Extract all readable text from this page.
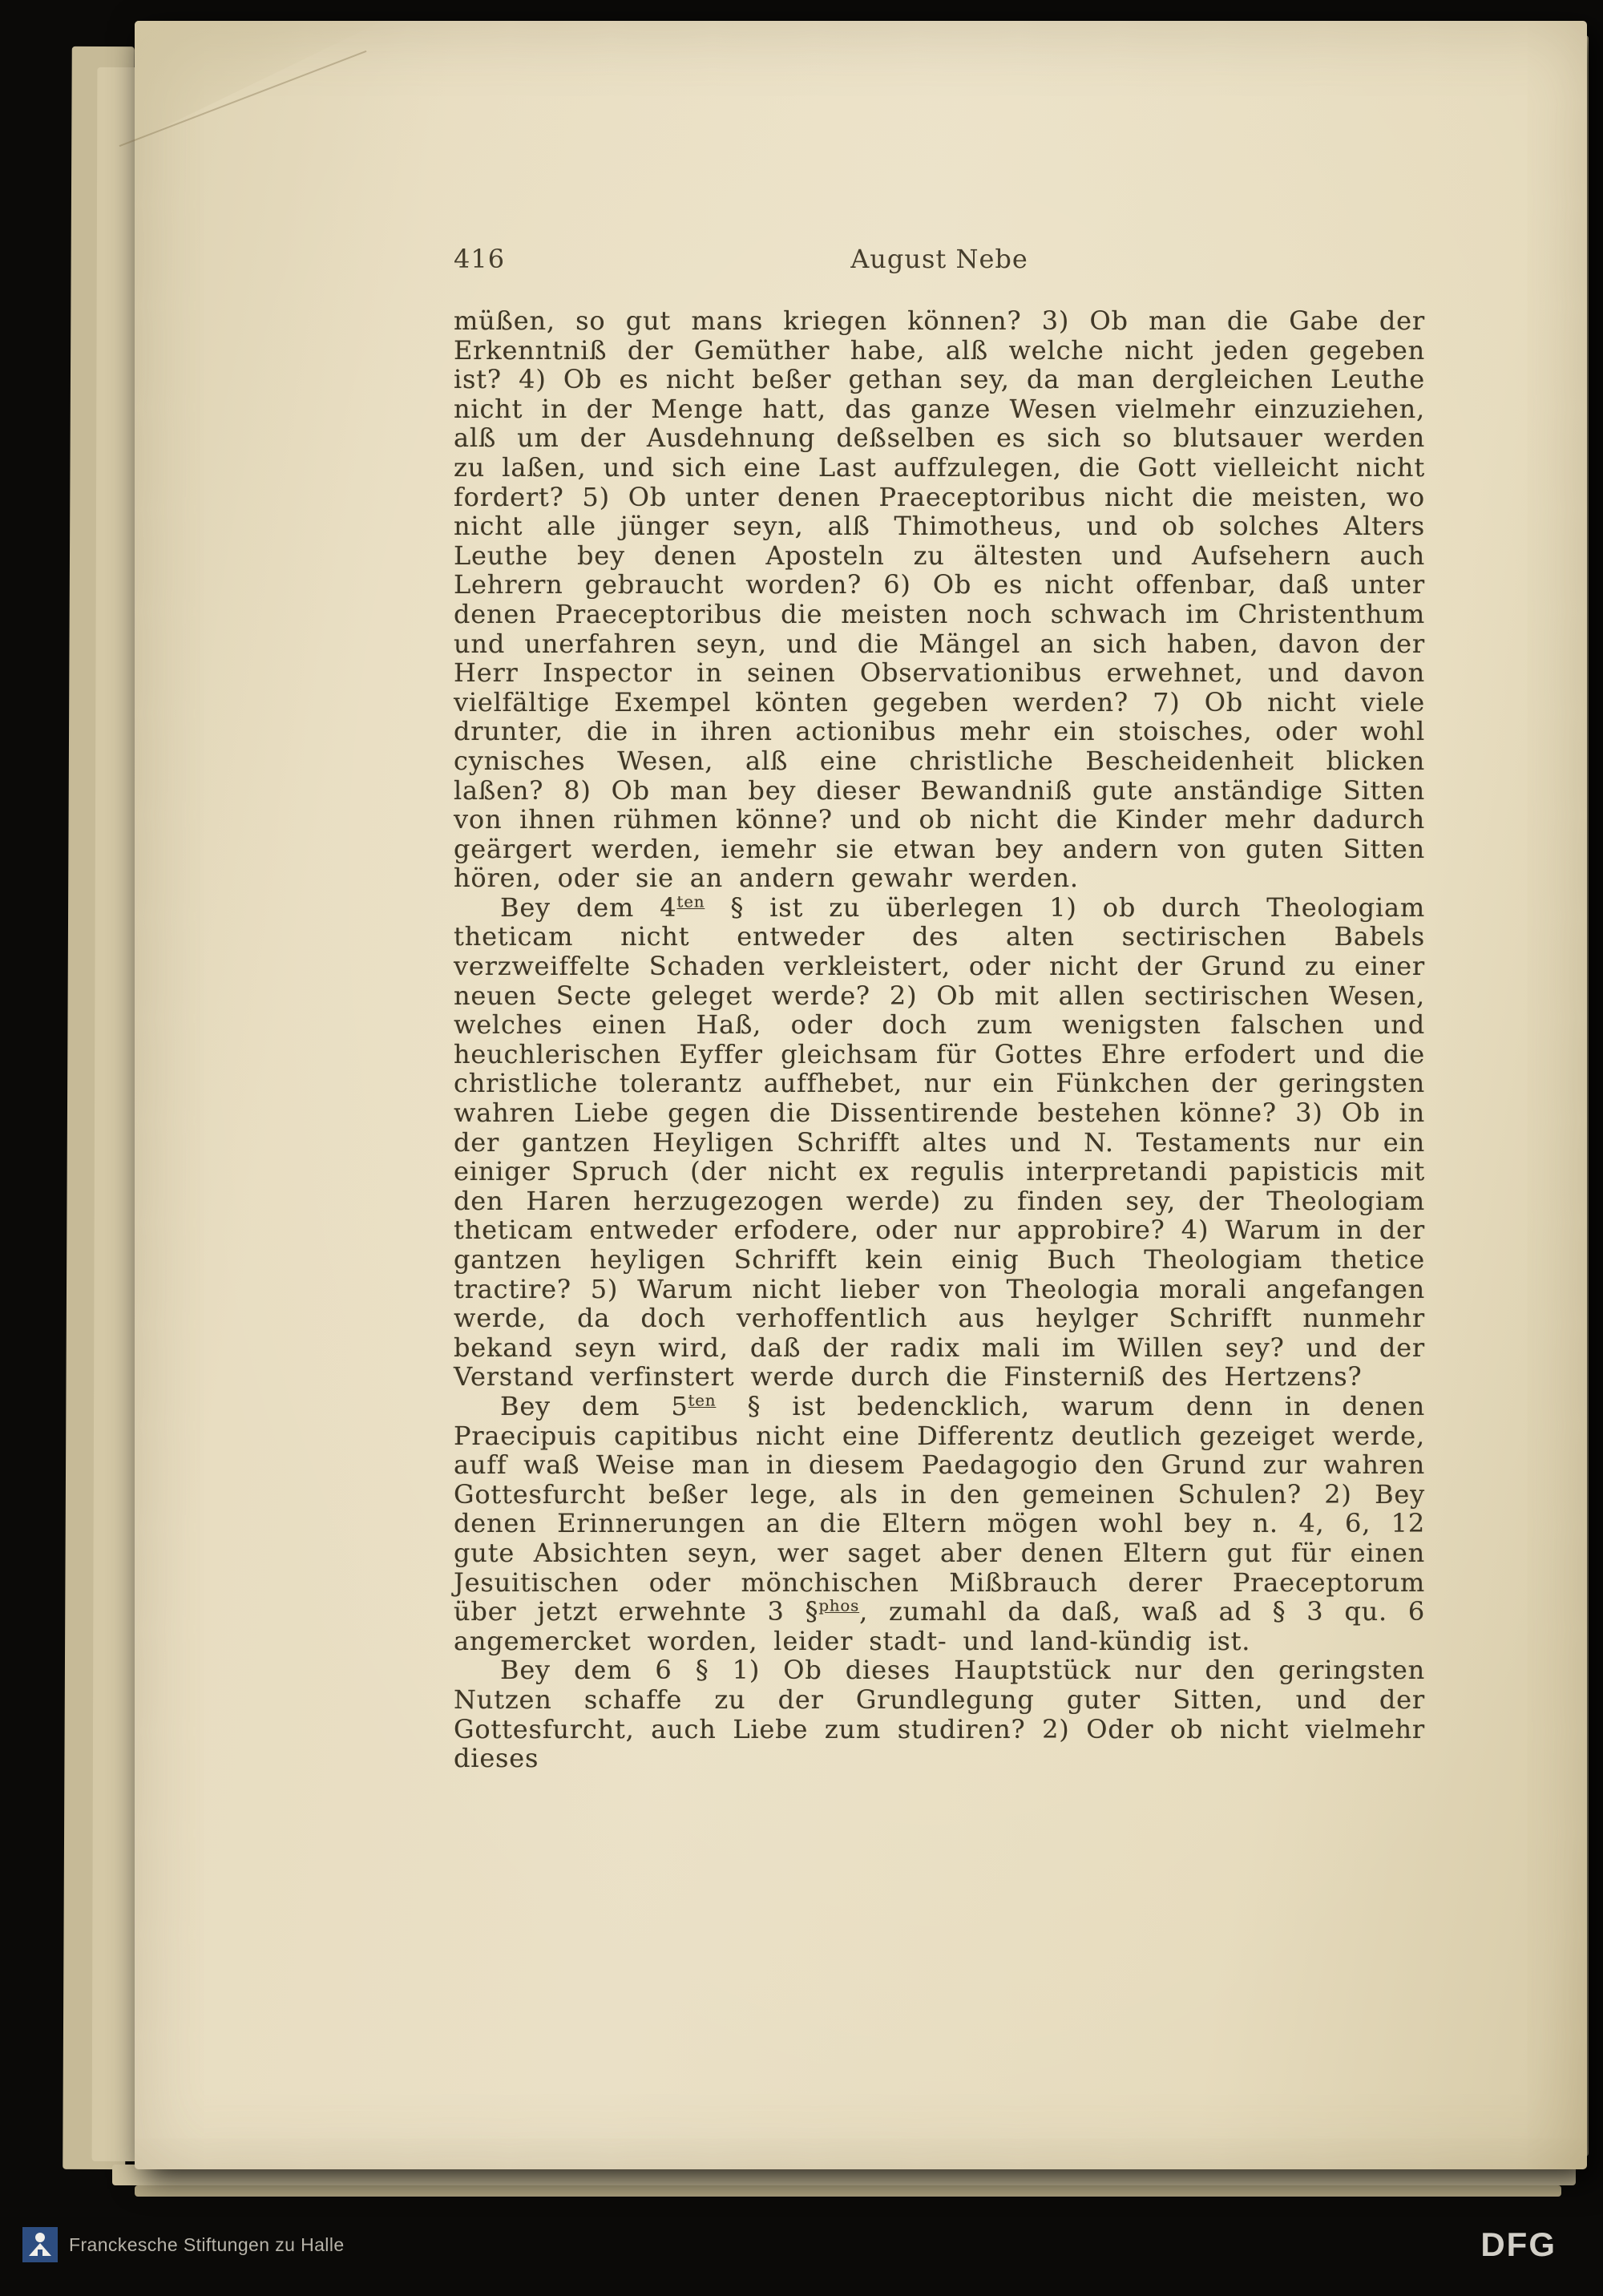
416	August Nebe

müßen, so gut mans kriegen können? 3) Ob man die Gabe der Erkenntniß der Gemüther habe, alß welche nicht jeden gegeben ist? 4) Ob es nicht beßer gethan sey, da man dergleichen Leuthe nicht in der Menge hatt, das ganze Wesen vielmehr einzuziehen, alß um der Ausdehnung deßselben es sich so blutsauer werden zu laßen, und sich eine Last auffzulegen, die Gott vielleicht nicht fordert? 5) Ob unter denen Praeceptoribus nicht die meisten, wo nicht alle jünger seyn, alß Thimotheus, und ob solches Alters Leuthe bey denen Aposteln zu ältesten und Aufsehern auch Lehrern gebraucht worden? 6) Ob es nicht offenbar, daß unter denen Praeceptoribus die meisten noch schwach im Christenthum und unerfahren seyn, und die Mängel an sich haben, davon der Herr Inspector in seinen Observationibus erwehnet, und davon vielfältige Exempel könten gegeben werden? 7) Ob nicht viele drunter, die in ihren actionibus mehr ein stoisches, oder wohl cynisches Wesen, alß eine christliche Bescheidenheit blicken laßen? 8) Ob man bey dieser Bewandniß gute anständige Sitten von ihnen rühmen könne? und ob nicht die Kinder mehr dadurch geärgert werden, iemehr sie etwan bey andern von guten Sitten hören, oder sie an andern gewahr werden.

Bey dem $4^{ten}$ § ist zu überlegen 1) ob durch Theologiam theticam nicht entweder des alten sectirischen Babels verzweiffelte Schaden verkleistert, oder nicht der Grund zu einer neuen Secte geleget werde? 2) Ob mit allen sectirischen Wesen, welches einen Haß, oder doch zum wenigsten falschen und heuchlerischen Eyffer gleichsam für Gottes Ehre erfodert und die christliche tolerantz auffhebet, nur ein Fünkchen der geringsten wahren Liebe gegen die Dissentirende bestehen könne? 3) Ob in der gantzen Heyligen Schrifft altes und N. Testaments nur ein einiger Spruch (der nicht ex regulis interpretandi papisticis mit den Haren herzugezogen werde) zu finden sey, der Theologiam theticam entweder erfodere, oder nur approbire? 4) Warum in der gantzen heyligen Schrifft kein einig Buch Theologiam thetice tractire? 5) Warum nicht lieber von Theologia morali angefangen werde, da doch verhoffentlich aus heylger Schrifft nunmehr bekand seyn wird, daß der radix mali im Willen sey? und der Verstand verfinstert werde durch die Finsterniß des Hertzens?

Bey dem $5^{ten}$ § ist bedencklich, warum denn in denen Praecipuis capitibus nicht eine Differentz deutlich gezeiget werde, auff waß Weise man in diesem Paedagogio den Grund zur wahren Gottesfurcht beßer lege, als in den gemeinen Schulen? 2) Bey denen Erinnerungen an die Eltern mögen wohl bey n. 4, 6, 12 gute Absichten seyn, wer saget aber denen Eltern gut für einen Jesuitischen oder mönchischen Mißbrauch derer Praeceptorum über jetzt erwehnte 3 §$^{phos}$, zumahl da daß, waß ad § 3 qu. 6 angemercket worden, leider stadt- und land-kündig ist.

Bey dem 6 § 1) Ob dieses Hauptstück nur den geringsten Nutzen schaffe zu der Grundlegung guter Sitten, und der Gottesfurcht, auch Liebe zum studiren? 2) Oder ob nicht vielmehr dieses

Franckesche Stiftungen zu Halle	DFG
